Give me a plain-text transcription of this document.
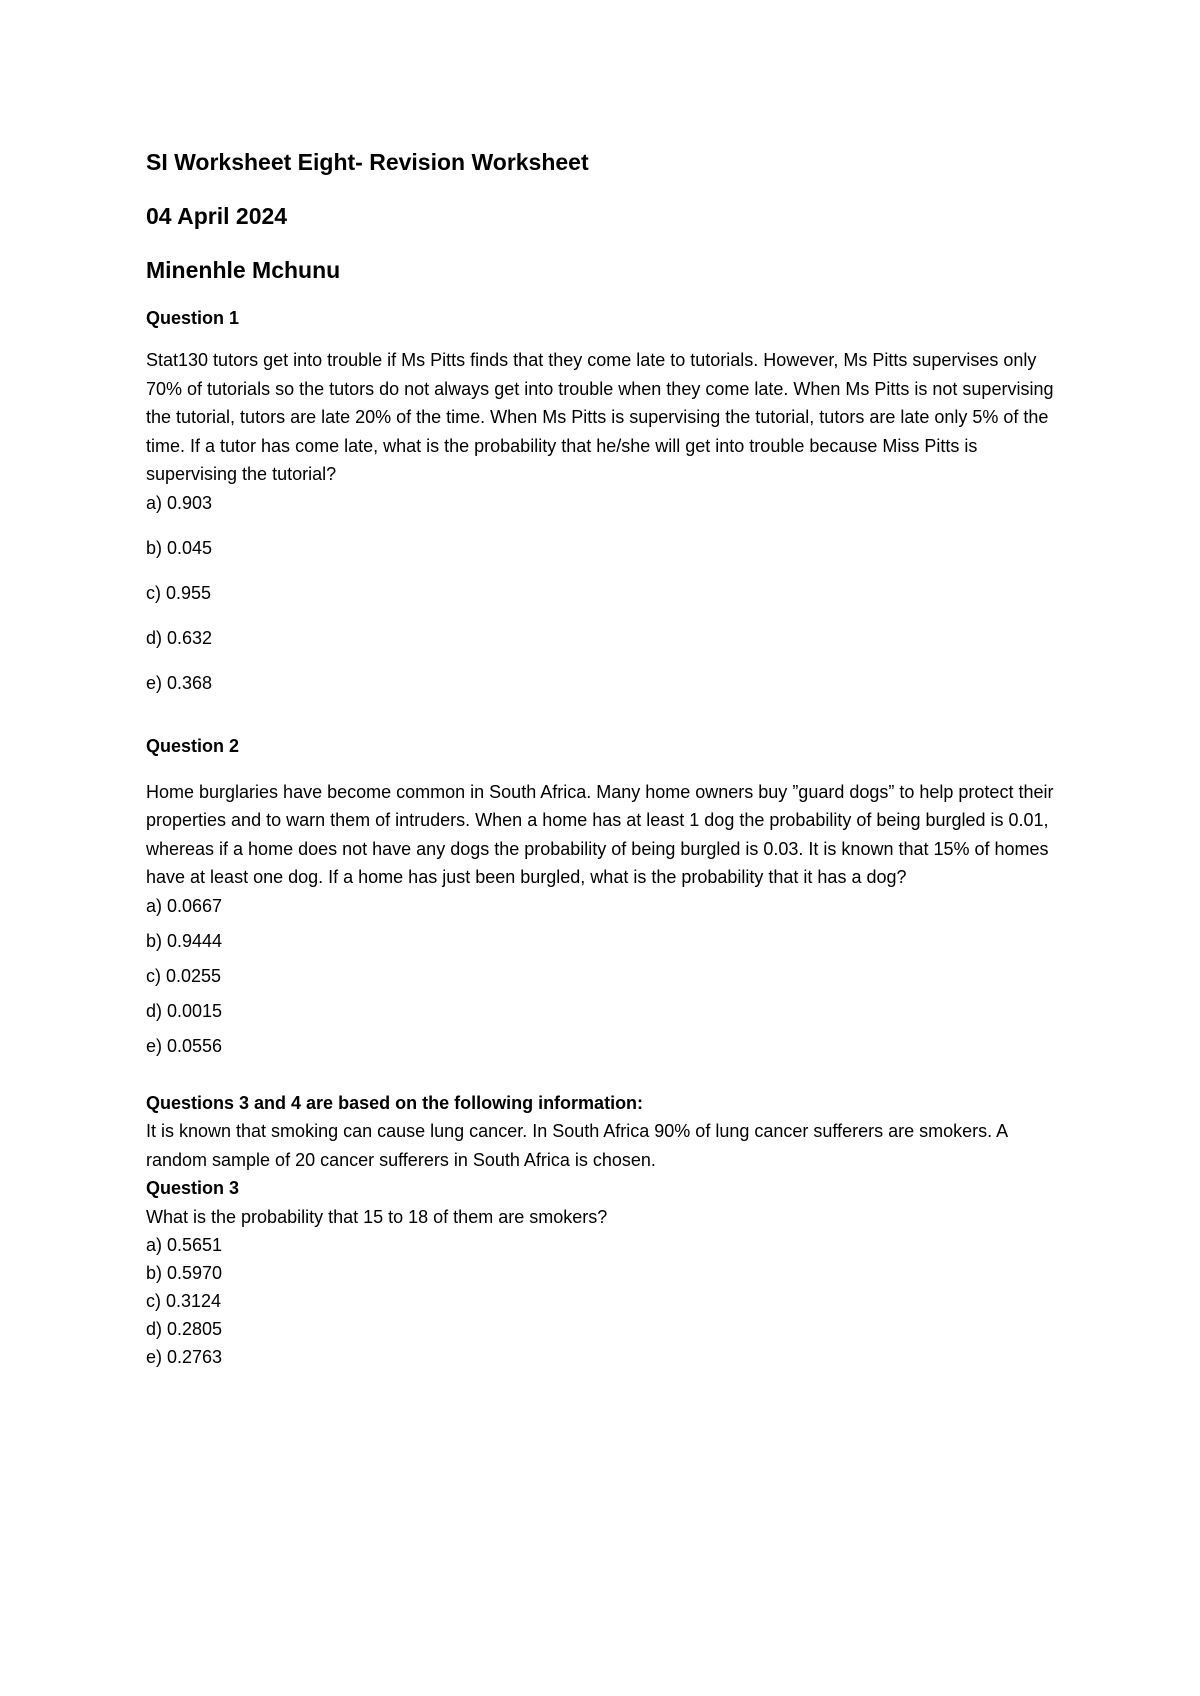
SI Worksheet Eight- Revision Worksheet
04 April 2024
Minenhle Mchunu
Question 1

Stat130 tutors get into trouble if Ms Pitts finds that they come late to tutorials. However, Ms Pitts supervises only 70% of tutorials so the tutors do not always get into trouble when they come late. When Ms Pitts is not supervising the tutorial, tutors are late 20% of the time. When Ms Pitts is supervising the tutorial, tutors are late only 5% of the time. If a tutor has come late, what is the probability that he/she will get into trouble because Miss Pitts is supervising the tutorial?

a) 0.903
b) 0.045
c) 0.955
d) 0.632
e) 0.368
Question 2

Home burglaries have become common in South Africa. Many home owners buy ”guard dogs” to help protect their properties and to warn them of intruders. When a home has at least 1 dog the probability of being burgled is 0.01, whereas if a home does not have any dogs the probability of being burgled is 0.03. It is known that 15% of homes have at least one dog. If a home has just been burgled, what is the probability that it has a dog?

a) 0.0667
b) 0.9444
c) 0.0255
d) 0.0015
e) 0.0556
Questions 3 and 4 are based on the following information:

It is known that smoking can cause lung cancer. In South Africa 90% of lung cancer sufferers are smokers. A random sample of 20 cancer sufferers in South Africa is chosen.

Question 3

What is the probability that 15 to 18 of them are smokers?

a) 0.5651
b) 0.5970
c) 0.3124
d) 0.2805
e) 0.2763
